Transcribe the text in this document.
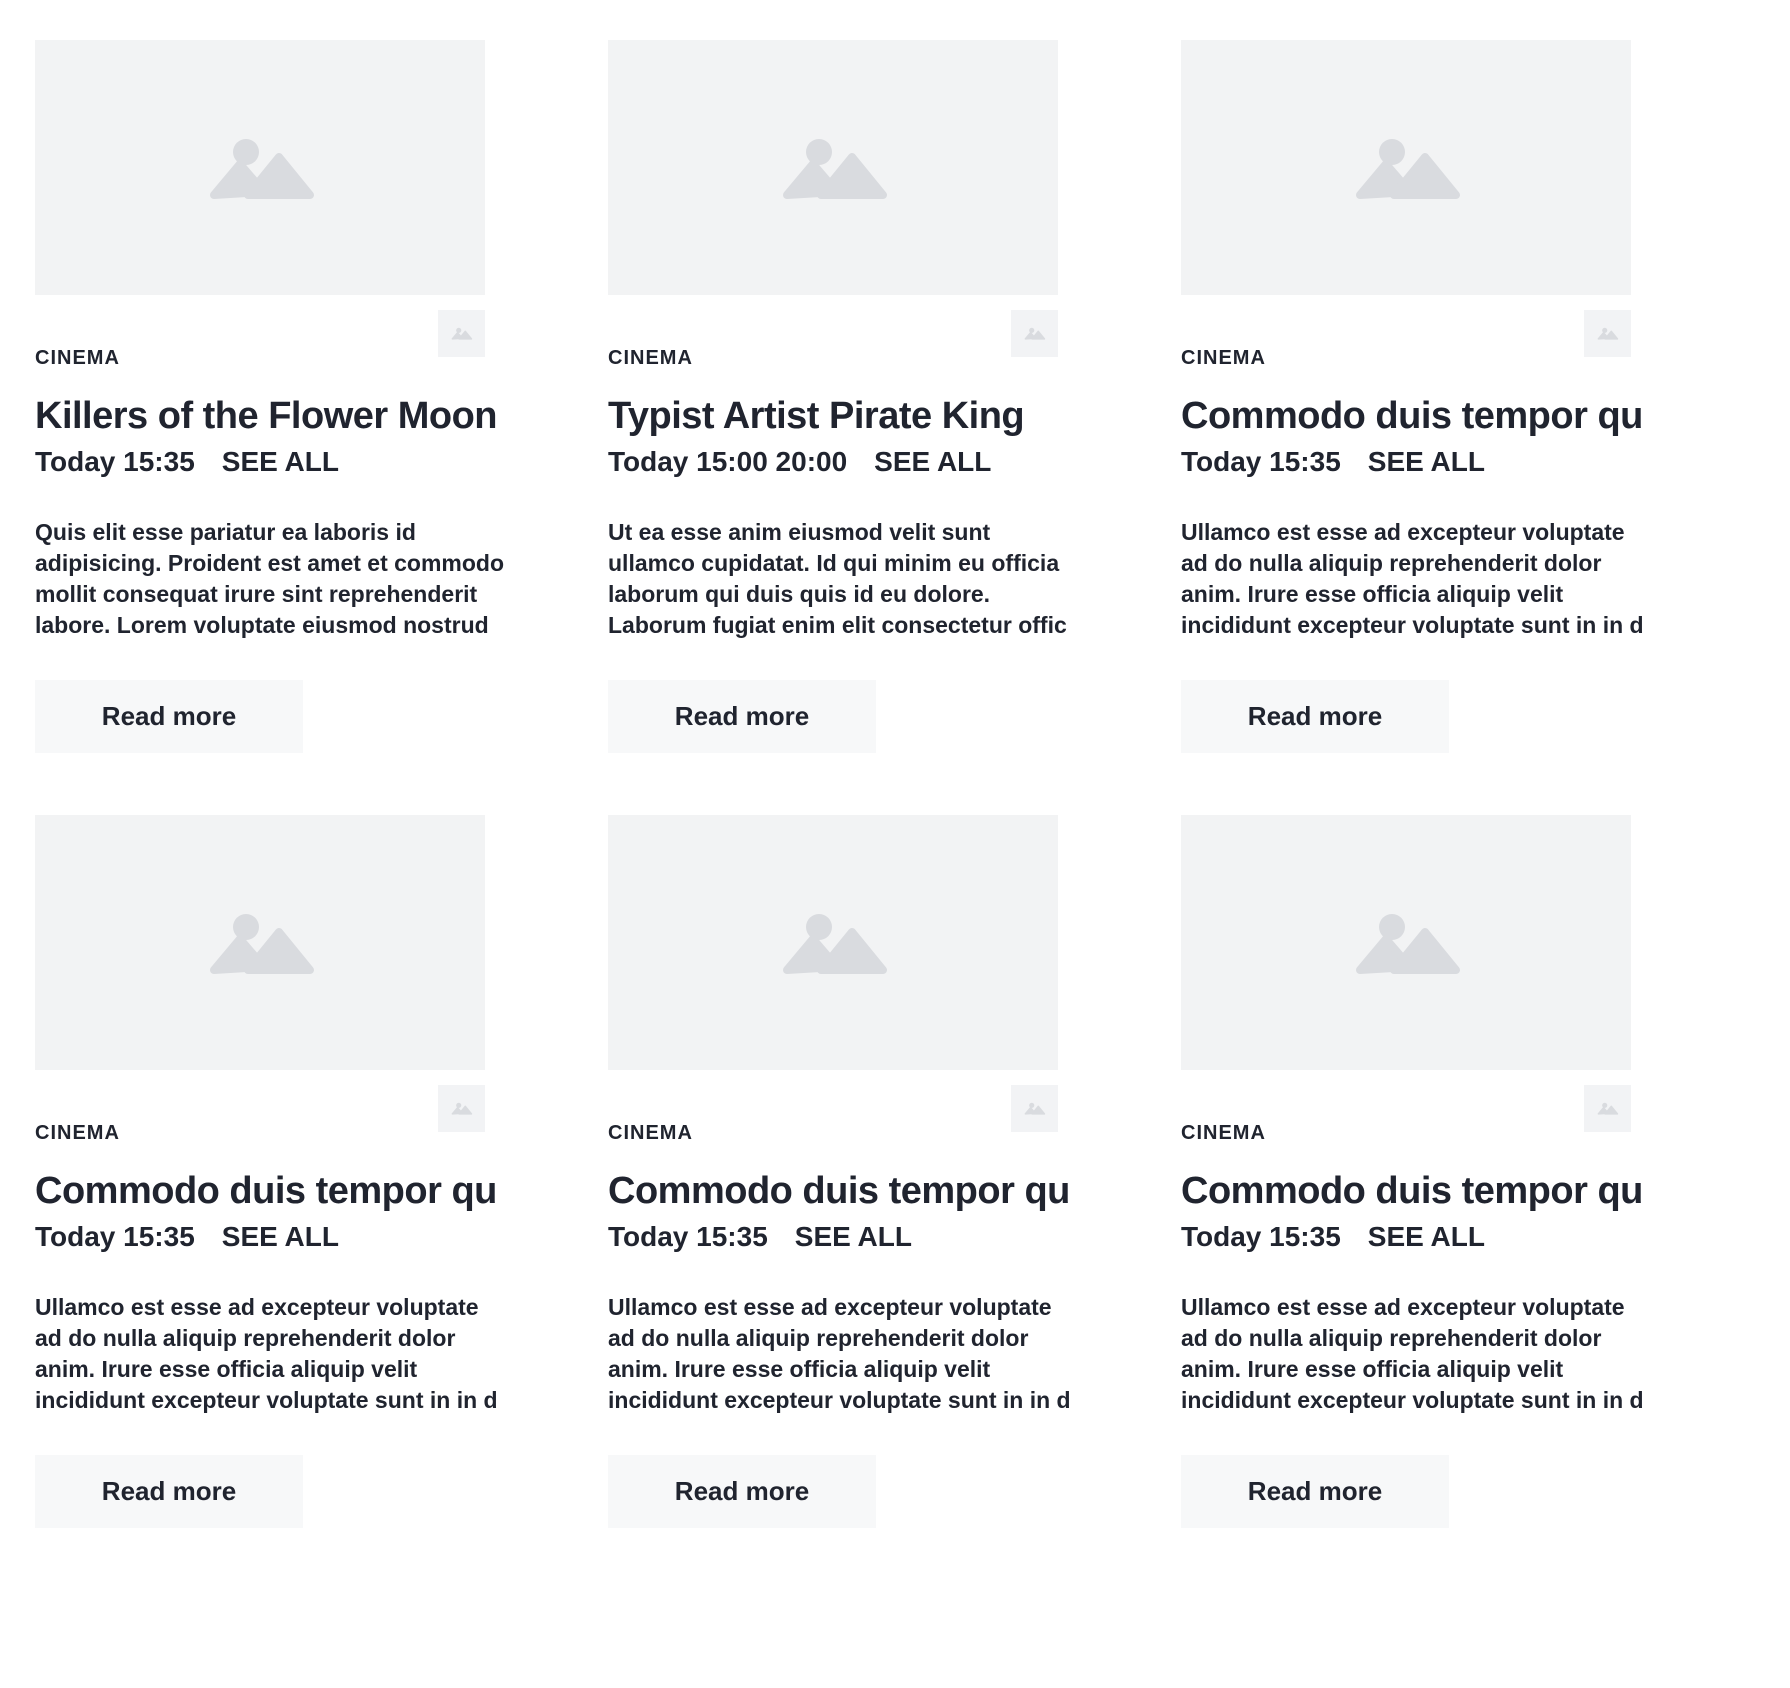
CINEMA
Killers of the Flower Moon
Today 15:35 SEE ALL
Quis elit esse pariatur ea laboris id
adipisicing. Proident est amet et commodo
mollit consequat irure sint reprehenderit
labore. Lorem voluptate eiusmod nostrud
Read more
CINEMA
Typist Artist Pirate King
Today 15:00 20:00 SEE ALL
Ut ea esse anim eiusmod velit sunt
ullamco cupidatat. Id qui minim eu officia
laborum qui duis quis id eu dolore.
Laborum fugiat enim elit consectetur offic
Read more
CINEMA
Commodo duis tempor qu
Today 15:35 SEE ALL
Ullamco est esse ad excepteur voluptate
ad do nulla aliquip reprehenderit dolor
anim. Irure esse officia aliquip velit
incididunt excepteur voluptate sunt in in d
Read more
CINEMA
Commodo duis tempor qu
Today 15:35 SEE ALL
Ullamco est esse ad excepteur voluptate
ad do nulla aliquip reprehenderit dolor
anim. Irure esse officia aliquip velit
incididunt excepteur voluptate sunt in in d
Read more
CINEMA
Commodo duis tempor qu
Today 15:35 SEE ALL
Ullamco est esse ad excepteur voluptate
ad do nulla aliquip reprehenderit dolor
anim. Irure esse officia aliquip velit
incididunt excepteur voluptate sunt in in d
Read more
CINEMA
Commodo duis tempor qu
Today 15:35 SEE ALL
Ullamco est esse ad excepteur voluptate
ad do nulla aliquip reprehenderit dolor
anim. Irure esse officia aliquip velit
incididunt excepteur voluptate sunt in in d
Read more
